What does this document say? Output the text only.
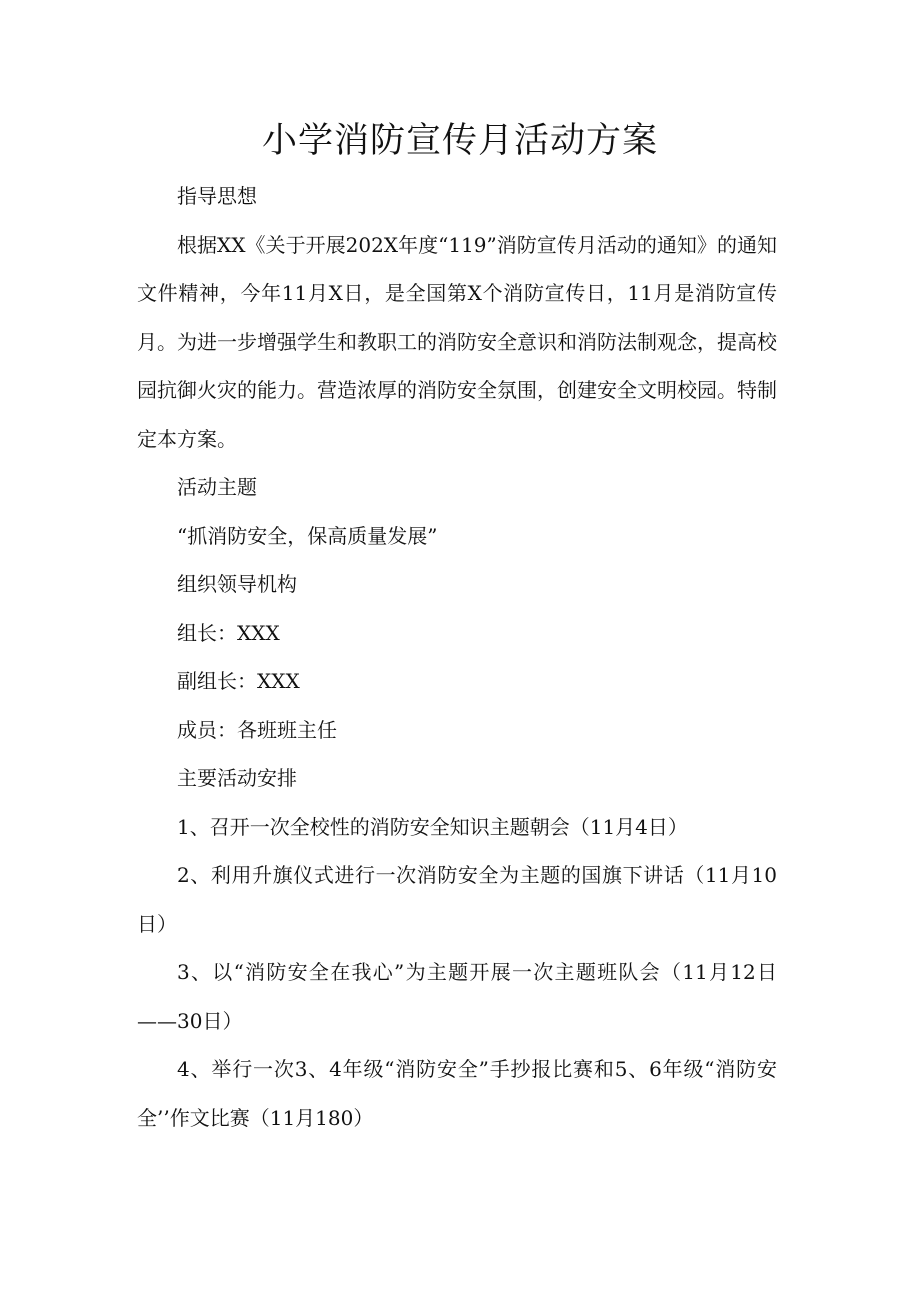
小学消防宣传月活动方案

指导思想

根据XX《关于开展202X年度“119”消防宣传月活动的通知》的通知文件精神，今年11月X日，是全国第X个消防宣传日，11月是消防宣传月。为进一步增强学生和教职工的消防安全意识和消防法制观念，提高校园抗御火灾的能力。营造浓厚的消防安全氛围，创建安全文明校园。特制定本方案。

活动主题

“抓消防安全，保高质量发展”

组织领导机构

组长：XXX

副组长：XXX

成员：各班班主任

主要活动安排

1、召开一次全校性的消防安全知识主题朝会（11月4日）

2、利用升旗仪式进行一次消防安全为主题的国旗下讲话（11月10日）

3、以“消防安全在我心”为主题开展一次主题班队会（11月12日——30日）

4、举行一次3、4年级“消防安全”手抄报比赛和5、6年级“消防安全’’作文比赛（11月180）
